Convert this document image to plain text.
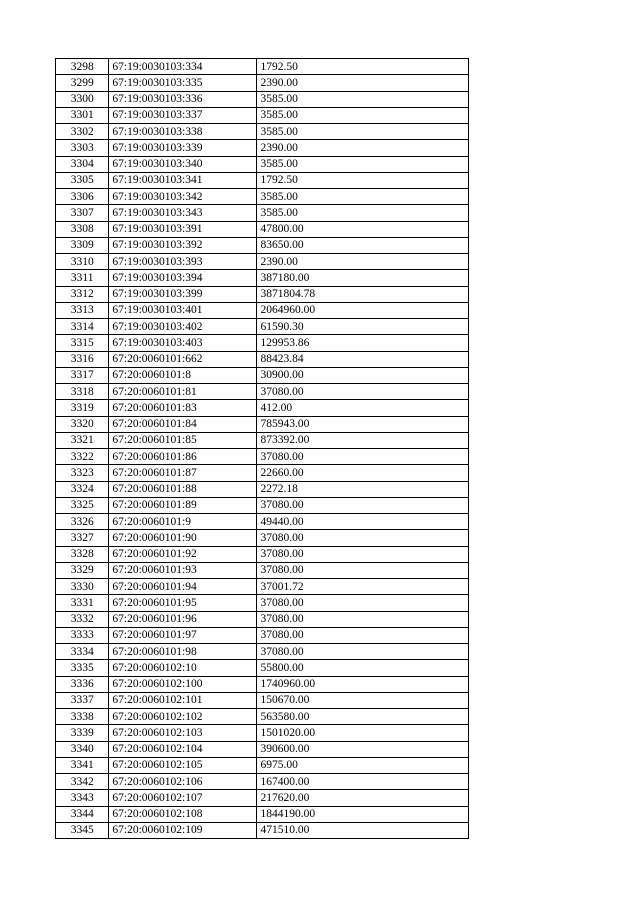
3298	67:19:0030103:334	1792.50
3299	67:19:0030103:335	2390.00
3300	67:19:0030103:336	3585.00
3301	67:19:0030103:337	3585.00
3302	67:19:0030103:338	3585.00
3303	67:19:0030103:339	2390.00
3304	67:19:0030103:340	3585.00
3305	67:19:0030103:341	1792.50
3306	67:19:0030103:342	3585.00
3307	67:19:0030103:343	3585.00
3308	67:19:0030103:391	47800.00
3309	67:19:0030103:392	83650.00
3310	67:19:0030103:393	2390.00
3311	67:19:0030103:394	387180.00
3312	67:19:0030103:399	3871804.78
3313	67:19:0030103:401	2064960.00
3314	67:19:0030103:402	61590.30
3315	67:19:0030103:403	129953.86
3316	67:20:0060101:662	88423.84
3317	67:20:0060101:8	30900.00
3318	67:20:0060101:81	37080.00
3319	67:20:0060101:83	412.00
3320	67:20:0060101:84	785943.00
3321	67:20:0060101:85	873392.00
3322	67:20:0060101:86	37080.00
3323	67:20:0060101:87	22660.00
3324	67:20:0060101:88	2272.18
3325	67:20:0060101:89	37080.00
3326	67:20:0060101:9	49440.00
3327	67:20:0060101:90	37080.00
3328	67:20:0060101:92	37080.00
3329	67:20:0060101:93	37080.00
3330	67:20:0060101:94	37001.72
3331	67:20:0060101:95	37080.00
3332	67:20:0060101:96	37080.00
3333	67:20:0060101:97	37080.00
3334	67:20:0060101:98	37080.00
3335	67:20:0060102:10	55800.00
3336	67:20:0060102:100	1740960.00
3337	67:20:0060102:101	150670.00
3338	67:20:0060102:102	563580.00
3339	67:20:0060102:103	1501020.00
3340	67:20:0060102:104	390600.00
3341	67:20:0060102:105	6975.00
3342	67:20:0060102:106	167400.00
3343	67:20:0060102:107	217620.00
3344	67:20:0060102:108	1844190.00
3345	67:20:0060102:109	471510.00
